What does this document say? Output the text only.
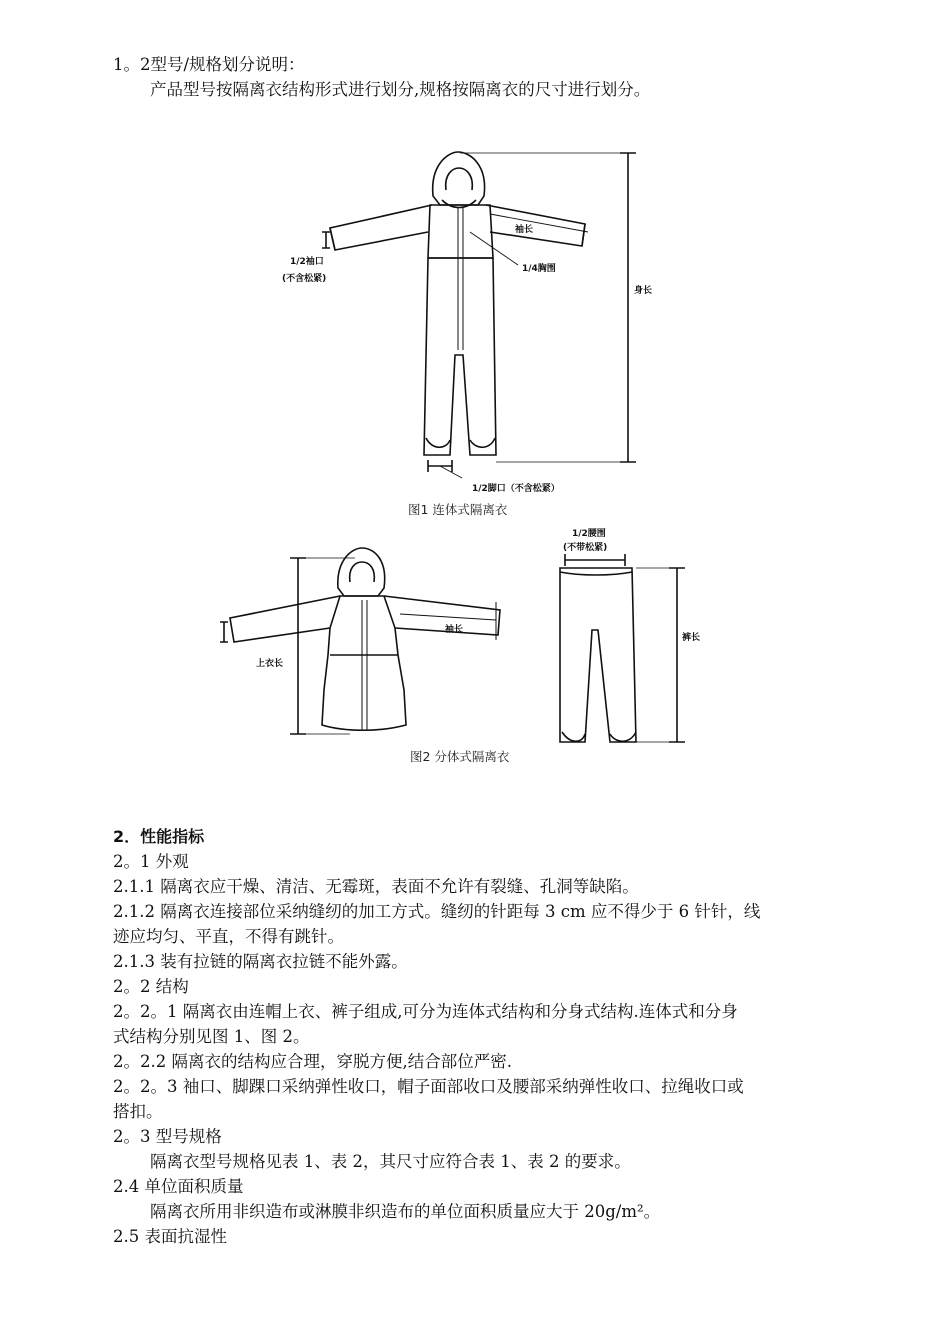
1。2型号/规格划分说明：
产品型号按隔离衣结构形式进行划分,规格按隔离衣的尺寸进行划分。
1/2袖口
(不含松紧)
袖长
1/4胸围
身长
1/2脚口（不含松紧）
图1 连体式隔离衣
袖长
上衣长
1/2腰围
(不带松紧)
裤长
图2 分体式隔离衣
2．性能指标
2。1 外观
2.1.1 隔离衣应干燥、清洁、无霉斑，表面不允许有裂缝、孔洞等缺陷。
2.1.2 隔离衣连接部位采纳缝纫的加工方式。缝纫的针距每 3 cm 应不得少于 6 针针，线
迹应均匀、平直，不得有跳针。
2.1.3 装有拉链的隔离衣拉链不能外露。
2。2 结构
2。2。1 隔离衣由连帽上衣、裤子组成,可分为连体式结构和分身式结构.连体式和分身
式结构分别见图 1、图 2。
2。2.2 隔离衣的结构应合理，穿脱方便,结合部位严密.
2。2。3 袖口、脚踝口采纳弹性收口，帽子面部收口及腰部采纳弹性收口、拉绳收口或
搭扣。
2。3 型号规格
隔离衣型号规格见表 1、表 2，其尺寸应符合表 1、表 2 的要求。
2.4 单位面积质量
隔离衣所用非织造布或淋膜非织造布的单位面积质量应大于 20g/m²。
2.5 表面抗湿性
